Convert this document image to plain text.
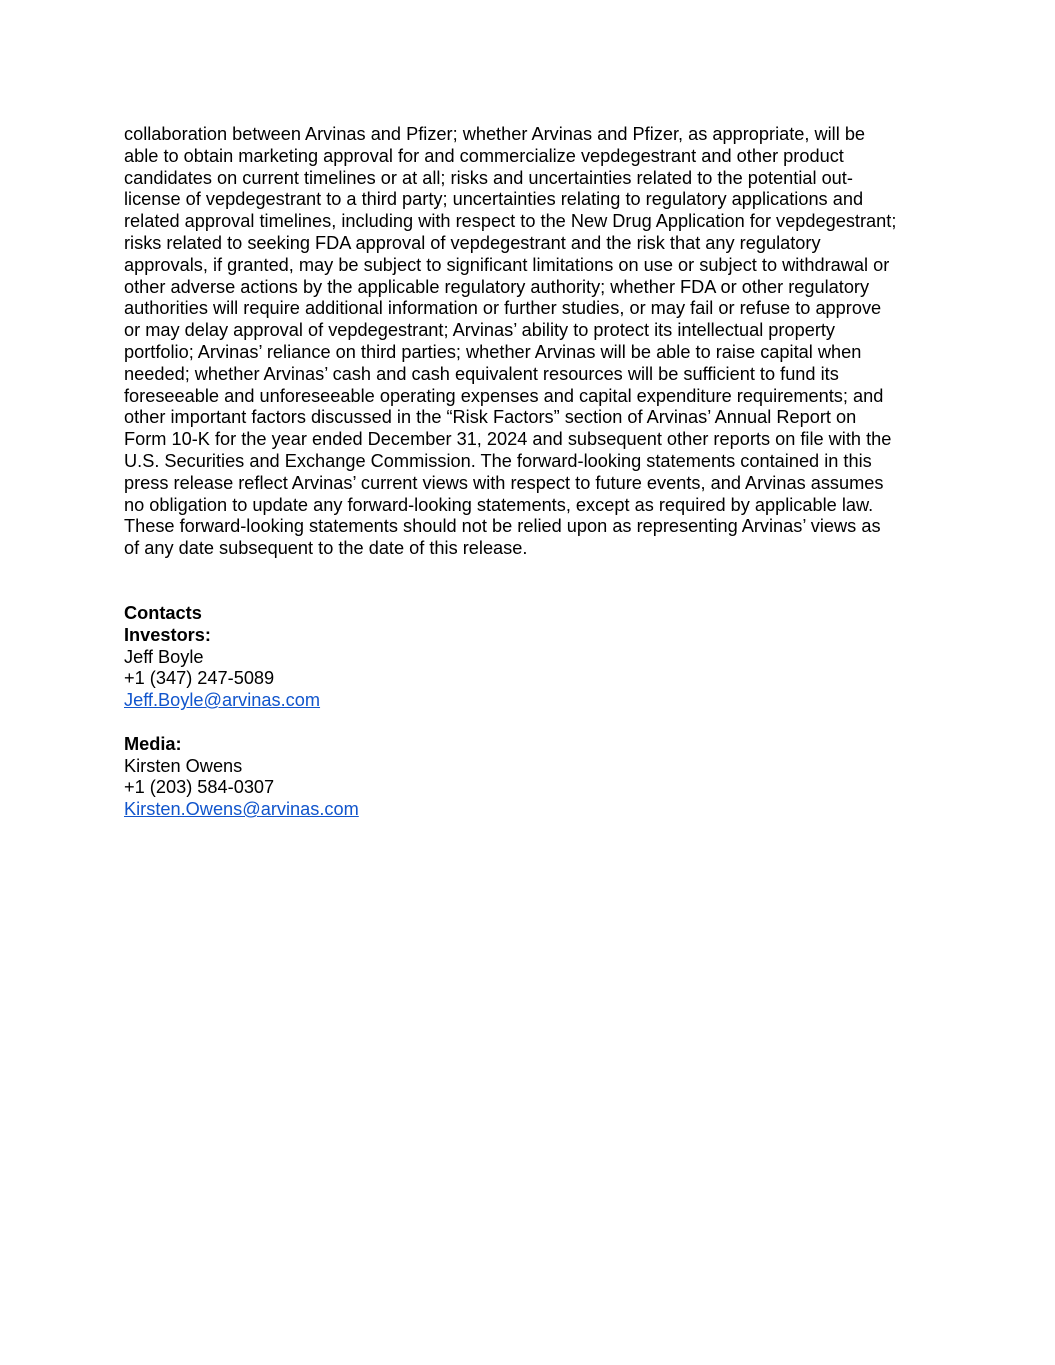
collaboration between Arvinas and Pfizer; whether Arvinas and Pfizer, as appropriate, will be
able to obtain marketing approval for and commercialize vepdegestrant and other product
candidates on current timelines or at all; risks and uncertainties related to the potential out-
license of vepdegestrant to a third party; uncertainties relating to regulatory applications and
related approval timelines, including with respect to the New Drug Application for vepdegestrant;
risks related to seeking FDA approval of vepdegestrant and the risk that any regulatory
approvals, if granted, may be subject to significant limitations on use or subject to withdrawal or
other adverse actions by the applicable regulatory authority; whether FDA or other regulatory
authorities will require additional information or further studies, or may fail or refuse to approve
or may delay approval of vepdegestrant; Arvinas’ ability to protect its intellectual property
portfolio; Arvinas’ reliance on third parties; whether Arvinas will be able to raise capital when
needed; whether Arvinas’ cash and cash equivalent resources will be sufficient to fund its
foreseeable and unforeseeable operating expenses and capital expenditure requirements; and
other important factors discussed in the “Risk Factors” section of Arvinas’ Annual Report on
Form 10-K for the year ended December 31, 2024 and subsequent other reports on file with the
U.S. Securities and Exchange Commission. The forward-looking statements contained in this
press release reflect Arvinas’ current views with respect to future events, and Arvinas assumes
no obligation to update any forward-looking statements, except as required by applicable law.
These forward-looking statements should not be relied upon as representing Arvinas’ views as
of any date subsequent to the date of this release.
Contacts
Investors:
Jeff Boyle
+1 (347) 247-5089
Jeff.Boyle@arvinas.com
Media:
Kirsten Owens
+1 (203) 584-0307
Kirsten.Owens@arvinas.com
